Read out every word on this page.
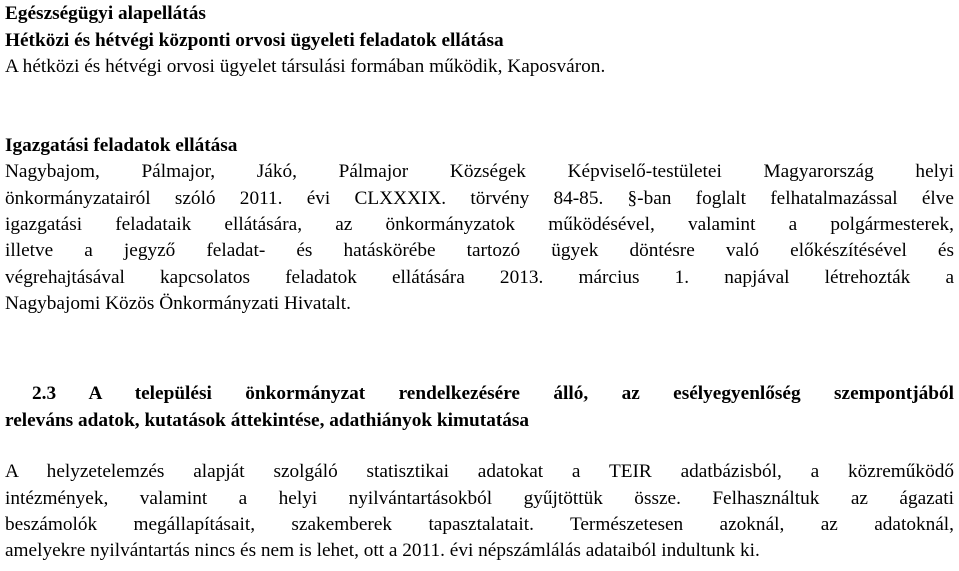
Egészségügyi alapellátás
Hétközi és hétvégi központi orvosi ügyeleti feladatok ellátása
A hétközi és hétvégi orvosi ügyelet társulási formában működik, Kaposváron.
Igazgatási feladatok ellátása
Nagybajom, Pálmajor, Jákó, Pálmajor Községek Képviselő-testületei Magyarország helyi
önkormányzatairól szóló 2011. évi CLXXXIX. törvény 84-85. §-ban foglalt felhatalmazással élve
igazgatási feladataik ellátására, az önkormányzatok működésével, valamint a polgármesterek,
illetve a jegyző feladat- és hatáskörébe tartozó ügyek döntésre való előkészítésével és
végrehajtásával kapcsolatos feladatok ellátására 2013. március 1. napjával létrehozták a
Nagybajomi Közös Önkormányzati Hivatalt.
2.3 A települési önkormányzat rendelkezésére álló, az esélyegyenlőség szempontjából
releváns adatok, kutatások áttekintése, adathiányok kimutatása
A helyzetelemzés alapját szolgáló statisztikai adatokat a TEIR adatbázisból, a közreműködő
intézmények, valamint a helyi nyilvántartásokból gyűjtöttük össze. Felhasználtuk az ágazati
beszámolók megállapításait, szakemberek tapasztalatait. Természetesen azoknál, az adatoknál,
amelyekre nyilvántartás nincs és nem is lehet, ott a 2011. évi népszámlálás adataiból indultunk ki.
